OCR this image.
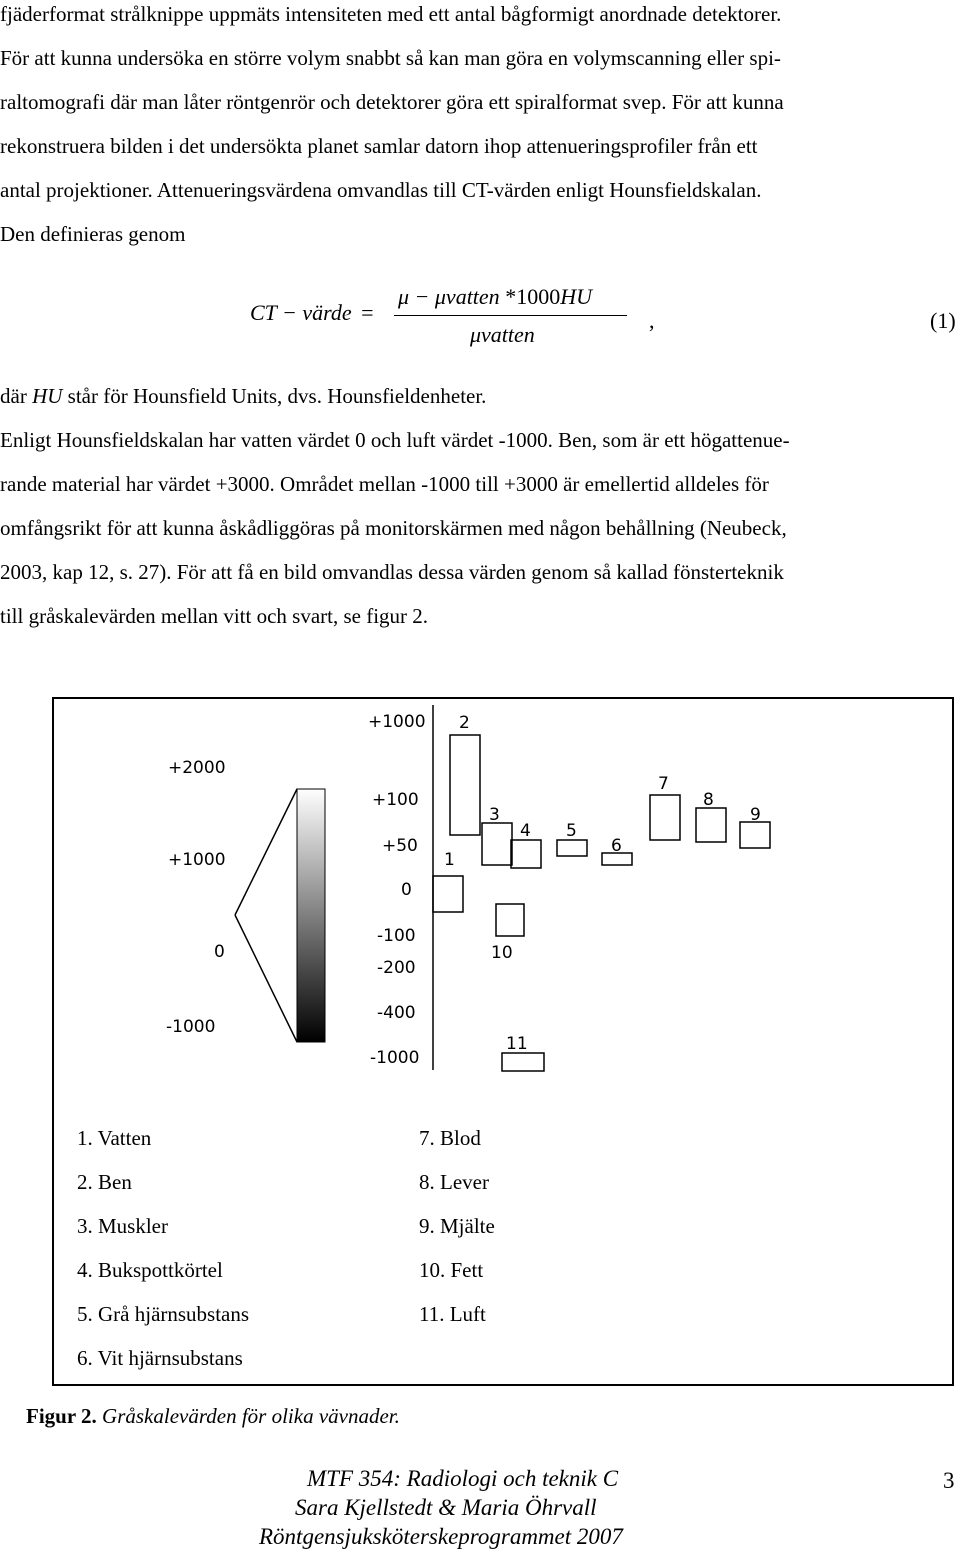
fjäderformat strålknippe uppmäts intensiteten med ett antal bågformigt anordnade detektorer.
För att kunna undersöka en större volym snabbt så kan man göra en volymscanning eller spi-
raltomografi där man låter röntgenrör och detektorer göra ett spiralformat svep. För att kunna
rekonstruera bilden i det undersökta planet samlar datorn ihop attenueringsprofiler från ett
antal projektioner. Attenueringsvärdena omvandlas till CT-värden enligt Hounsfieldskalan.
Den definieras genom
CT − värde =
μ − μvatten *1000HU
μvatten
,	(1)
där HU står för Hounsfield Units, dvs. Hounsfieldenheter.
Enligt Hounsfieldskalan har vatten värdet 0 och luft värdet -1000. Ben, som är ett högattenue-
rande material har värdet +3000. Området mellan -1000 till +3000 är emellertid alldeles för
omfångsrikt för att kunna åskådliggöras på monitorskärmen med någon behållning (Neubeck,
2003, kap 12, s. 27). För att få en bild omvandlas dessa värden genom så kallad fönsterteknik
till gråskalevärden mellan vitt och svart, se figur 2.
+2000
+1000
0
-1000
+1000
+100
+50
0
-100
-200
-400
-1000
1
2
3
4 5
6
7
8
9
10
11
1. Vatten
2. Ben
3. Muskler
4. Bukspottkörtel
5. Grå hjärnsubstans
6. Vit hjärnsubstans
7. Blod
8. Lever
9. Mjälte
10. Fett
11. Luft
Figur 2. Gråskalevärden för olika vävnader.
MTF 354: Radiologi och teknik C
Sara Kjellstedt & Maria Öhrvall
Röntgensjuksköterskeprogrammet 2007
3
